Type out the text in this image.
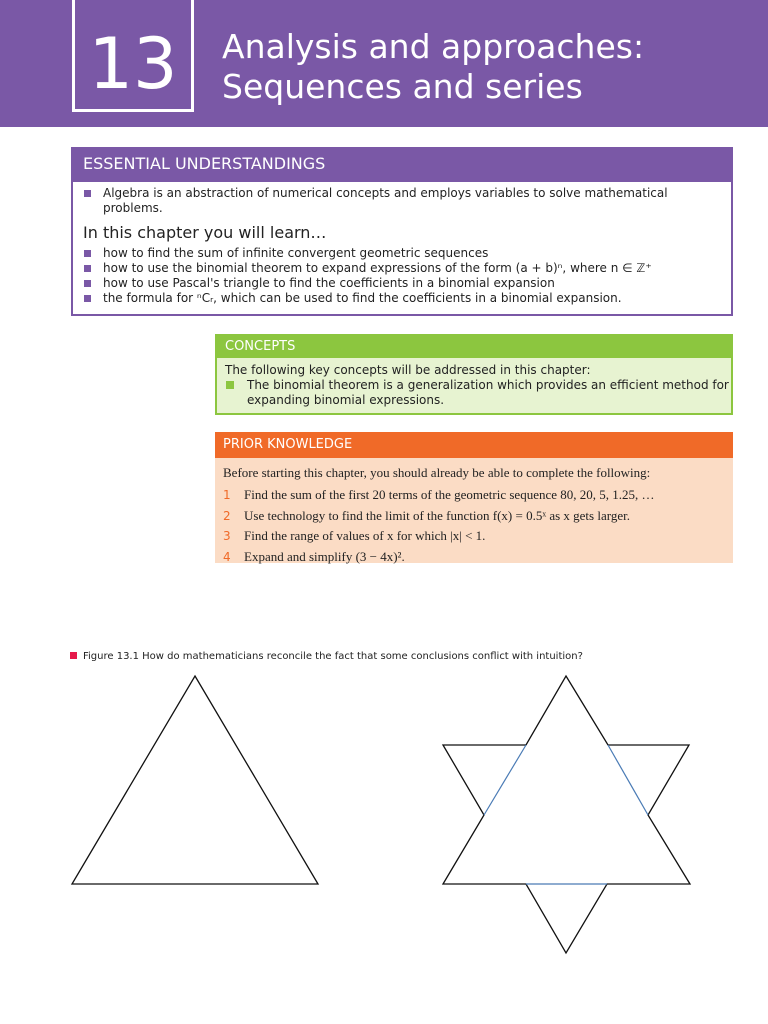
13	Analysis and approaches:
Sequences and series
ESSENTIAL UNDERSTANDINGS
Algebra is an abstraction of numerical concepts and employs variables to solve mathematical problems.
In this chapter you will learn…
how to find the sum of infinite convergent geometric sequences
how to use the binomial theorem to expand expressions of the form (a + b)ⁿ, where n ∈ ℤ⁺
how to use Pascal's triangle to find the coefficients in a binomial expansion
the formula for ⁿCᵣ, which can be used to find the coefficients in a binomial expansion.
CONCEPTS
The following key concepts will be addressed in this chapter:
The binomial theorem is a generalization which provides an efficient method for expanding binomial expressions.
PRIOR KNOWLEDGE
Before starting this chapter, you should already be able to complete the following:
1 Find the sum of the first 20 terms of the geometric sequence 80, 20, 5, 1.25, …
2 Use technology to find the limit of the function f(x) = 0.5ˣ as x gets larger.
3 Find the range of values of x for which |x| < 1.
4 Expand and simplify (3 − 4x)².
Figure 13.1 How do mathematicians reconcile the fact that some conclusions conflict with intuition?
